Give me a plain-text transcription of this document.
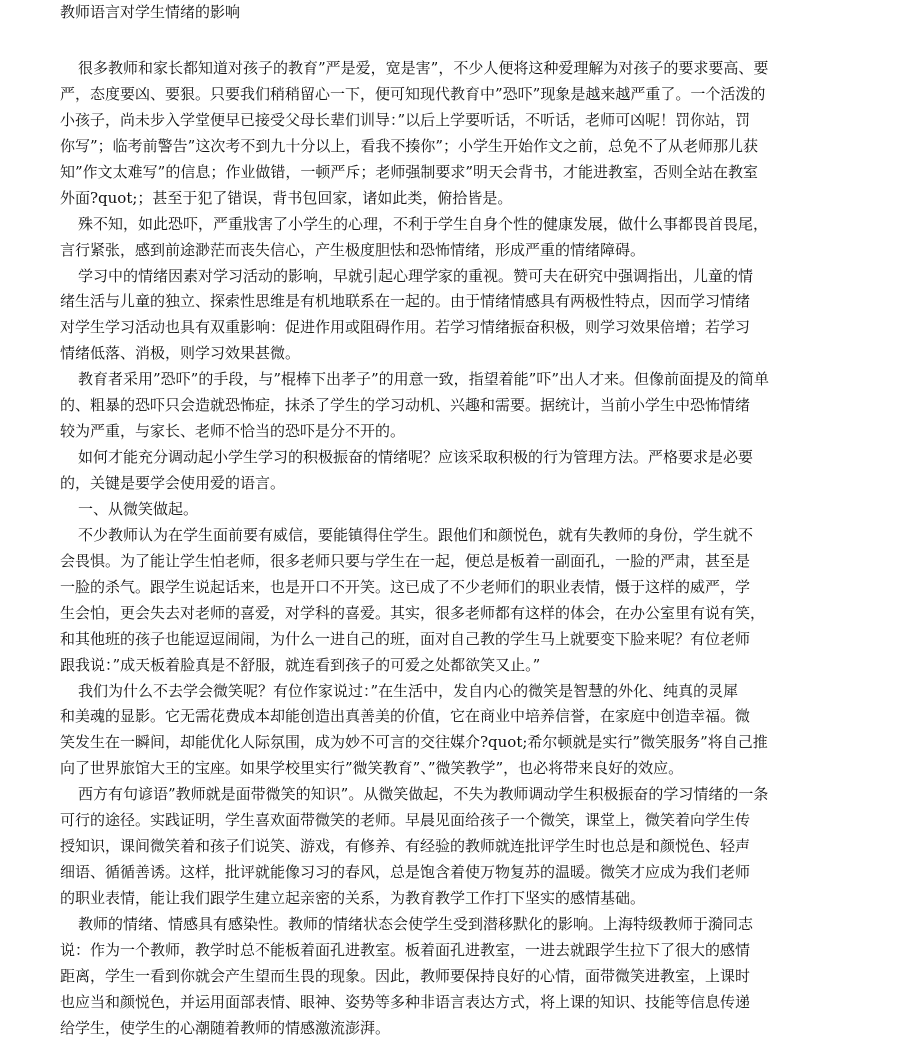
教师语言对学生情绪的影响
很多教师和家长都知道对孩子的教育”严是爱，宽是害”，不少人便将这种爱理解为对孩子的要求要高、要
严，态度要凶、要狠。只要我们稍稍留心一下，便可知现代教育中”恐吓”现象是越来越严重了。一个活泼的
小孩子，尚未步入学堂便早已接受父母长辈们训导：”以后上学要听话，不听话，老师可凶呢！罚你站，罚
你写”；临考前警告”这次考不到九十分以上，看我不揍你”；小学生开始作文之前，总免不了从老师那儿获
知”作文太难写”的信息；作业做错，一顿严斥；老师强制要求”明天会背书，才能进教室，否则全站在教室
外面?quot;；甚至于犯了错误，背书包回家，诸如此类，俯拾皆是。
殊不知，如此恐吓，严重戕害了小学生的心理，不利于学生自身个性的健康发展，做什么事都畏首畏尾，
言行紧张，感到前途渺茫而丧失信心，产生极度胆怯和恐怖情绪，形成严重的情绪障碍。
学习中的情绪因素对学习活动的影响，早就引起心理学家的重视。赞可夫在研究中强调指出，儿童的情
绪生活与儿童的独立、探索性思维是有机地联系在一起的。由于情绪情感具有两极性特点，因而学习情绪
对学生学习活动也具有双重影响：促进作用或阻碍作用。若学习情绪振奋积极，则学习效果倍增；若学习
情绪低落、消极，则学习效果甚微。
教育者采用”恐吓”的手段，与”棍棒下出孝子”的用意一致，指望着能”吓”出人才来。但像前面提及的简单
的、粗暴的恐吓只会造就恐怖症，抹杀了学生的学习动机、兴趣和需要。据统计，当前小学生中恐怖情绪
较为严重，与家长、老师不恰当的恐吓是分不开的。
如何才能充分调动起小学生学习的积极振奋的情绪呢？应该采取积极的行为管理方法。严格要求是必要
的，关键是要学会使用爱的语言。
一、从微笑做起。
不少教师认为在学生面前要有威信，要能镇得住学生。跟他们和颜悦色，就有失教师的身份，学生就不
会畏惧。为了能让学生怕老师，很多老师只要与学生在一起，便总是板着一副面孔，一脸的严肃，甚至是
一脸的杀气。跟学生说起话来，也是开口不开笑。这已成了不少老师们的职业表情，慑于这样的威严，学
生会怕，更会失去对老师的喜爱，对学科的喜爱。其实，很多老师都有这样的体会，在办公室里有说有笑，
和其他班的孩子也能逗逗闹闹，为什么一进自己的班，面对自己教的学生马上就要变下脸来呢？有位老师
跟我说：”成天板着脸真是不舒服，就连看到孩子的可爱之处都欲笑又止。”
我们为什么不去学会微笑呢？有位作家说过：”在生活中，发自内心的微笑是智慧的外化、纯真的灵犀
和美魂的显影。它无需花费成本却能创造出真善美的价值，它在商业中培养信誉，在家庭中创造幸福。微
笑发生在一瞬间，却能优化人际氛围，成为妙不可言的交往媒介?quot;希尔顿就是实行”微笑服务”将自己推
向了世界旅馆大王的宝座。如果学校里实行”微笑教育”、”微笑教学”，也必将带来良好的效应。
西方有句谚语”教师就是面带微笑的知识”。从微笑做起，不失为教师调动学生积极振奋的学习情绪的一条
可行的途径。实践证明，学生喜欢面带微笑的老师。早晨见面给孩子一个微笑，课堂上，微笑着向学生传
授知识，课间微笑着和孩子们说笑、游戏，有修养、有经验的教师就连批评学生时也总是和颜悦色、轻声
细语、循循善诱。这样，批评就能像习习的春风，总是饱含着使万物复苏的温暖。微笑才应成为我们老师
的职业表情，能让我们跟学生建立起亲密的关系，为教育教学工作打下坚实的感情基础。
教师的情绪、情感具有感染性。教师的情绪状态会使学生受到潜移默化的影响。上海特级教师于漪同志
说：作为一个教师，教学时总不能板着面孔进教室。板着面孔进教室，一进去就跟学生拉下了很大的感情
距离，学生一看到你就会产生望而生畏的现象。因此，教师要保持良好的心情，面带微笑进教室，上课时
也应当和颜悦色，并运用面部表情、眼神、姿势等多种非语言表达方式，将上课的知识、技能等信息传递
给学生，使学生的心潮随着教师的情感激流澎湃。
